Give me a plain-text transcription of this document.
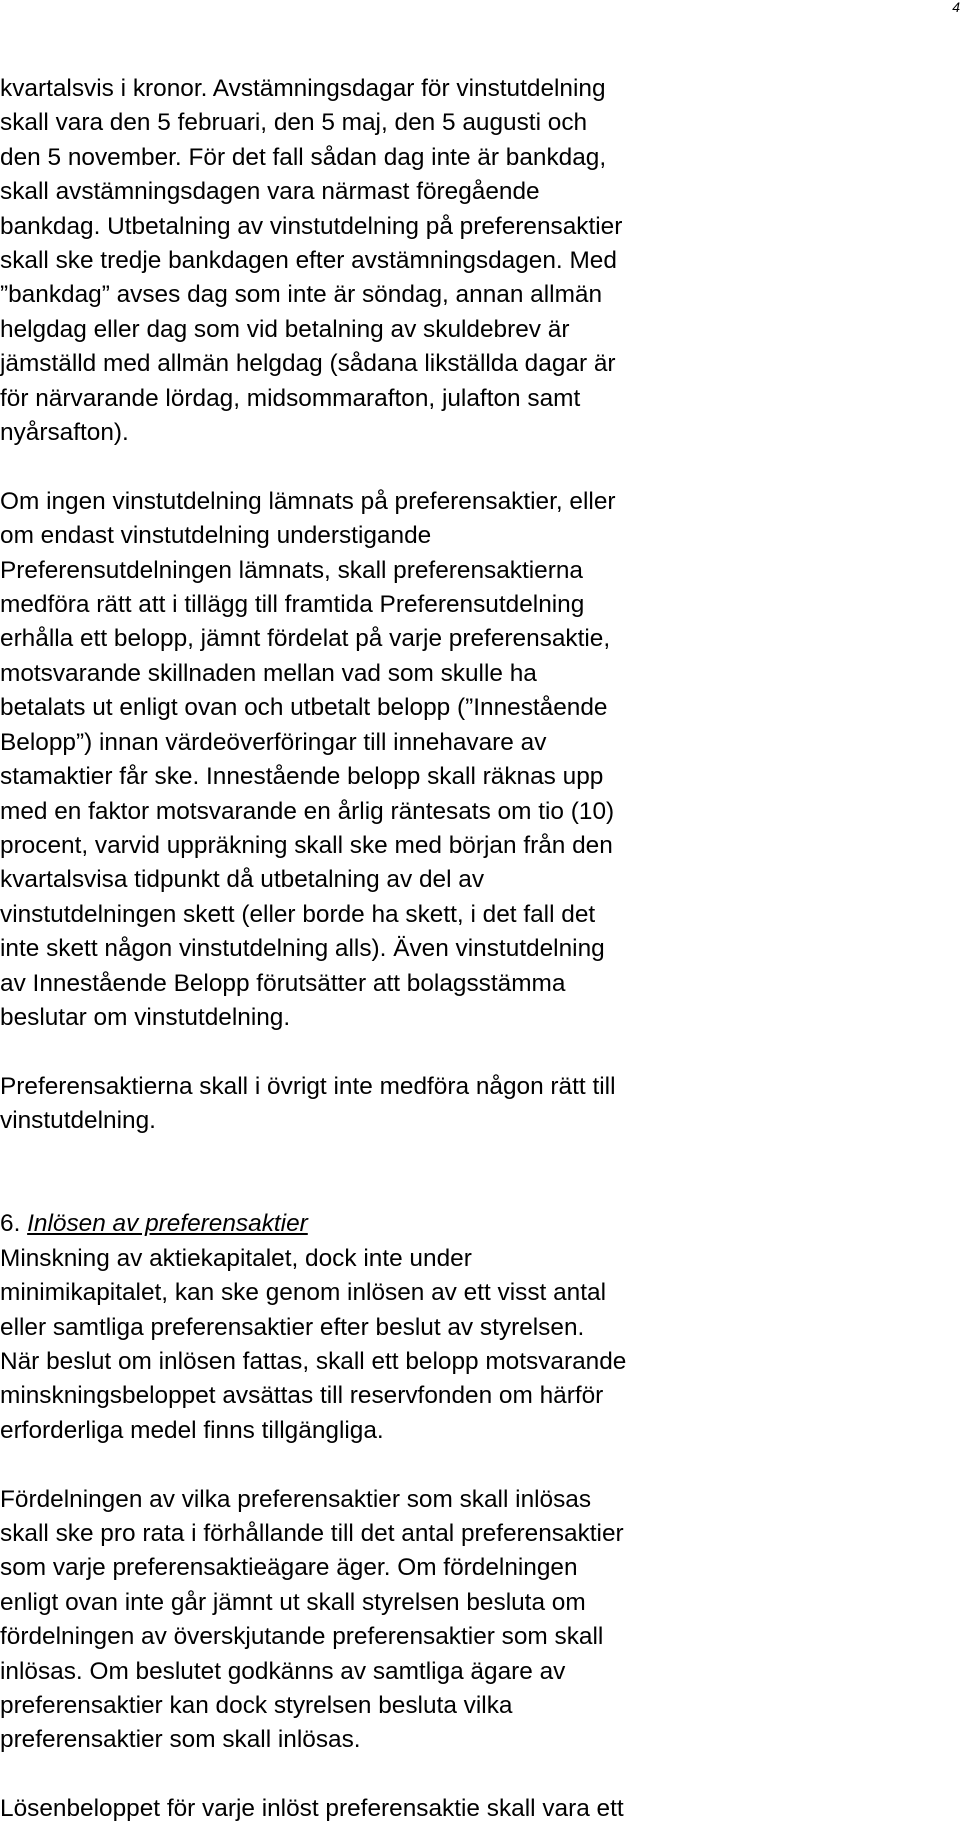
4

kvartalsvis i kronor. Avstämningsdagar för vinstutdelning
skall vara den 5 februari, den 5 maj, den 5 augusti och
den 5 november. För det fall sådan dag inte är bankdag,
skall avstämningsdagen vara närmast föregående
bankdag. Utbetalning av vinstutdelning på preferensaktier
skall ske tredje bankdagen efter avstämningsdagen. Med
”bankdag” avses dag som inte är söndag, annan allmän
helgdag eller dag som vid betalning av skuldebrev är
jämställd med allmän helgdag (sådana likställda dagar är
för närvarande lördag, midsommarafton, julafton samt
nyårsafton).

Om ingen vinstutdelning lämnats på preferensaktier, eller
om endast vinstutdelning understigande
Preferensutdelningen lämnats, skall preferensaktierna
medföra rätt att i tillägg till framtida Preferensutdelning
erhålla ett belopp, jämnt fördelat på varje preferensaktie,
motsvarande skillnaden mellan vad som skulle ha
betalats ut enligt ovan och utbetalt belopp (”Innestående
Belopp”) innan värdeöverföringar till innehavare av
stamaktier får ske. Innestående belopp skall räknas upp
med en faktor motsvarande en årlig räntesats om tio (10)
procent, varvid uppräkning skall ske med början från den
kvartalsvisa tidpunkt då utbetalning av del av
vinstutdelningen skett (eller borde ha skett, i det fall det
inte skett någon vinstutdelning alls). Även vinstutdelning
av Innestående Belopp förutsätter att bolagsstämma
beslutar om vinstutdelning.

Preferensaktierna skall i övrigt inte medföra någon rätt till
vinstutdelning.

6. Inlösen av preferensaktier
Minskning av aktiekapitalet, dock inte under
minimikapitalet, kan ske genom inlösen av ett visst antal
eller samtliga preferensaktier efter beslut av styrelsen.
När beslut om inlösen fattas, skall ett belopp motsvarande
minskningsbeloppet avsättas till reservfonden om härför
erforderliga medel finns tillgängliga.

Fördelningen av vilka preferensaktier som skall inlösas
skall ske pro rata i förhållande till det antal preferensaktier
som varje preferensaktieägare äger. Om fördelningen
enligt ovan inte går jämnt ut skall styrelsen besluta om
fördelningen av överskjutande preferensaktier som skall
inlösas. Om beslutet godkänns av samtliga ägare av
preferensaktier kan dock styrelsen besluta vilka
preferensaktier som skall inlösas.

Lösenbeloppet för varje inlöst preferensaktie skall vara ett
